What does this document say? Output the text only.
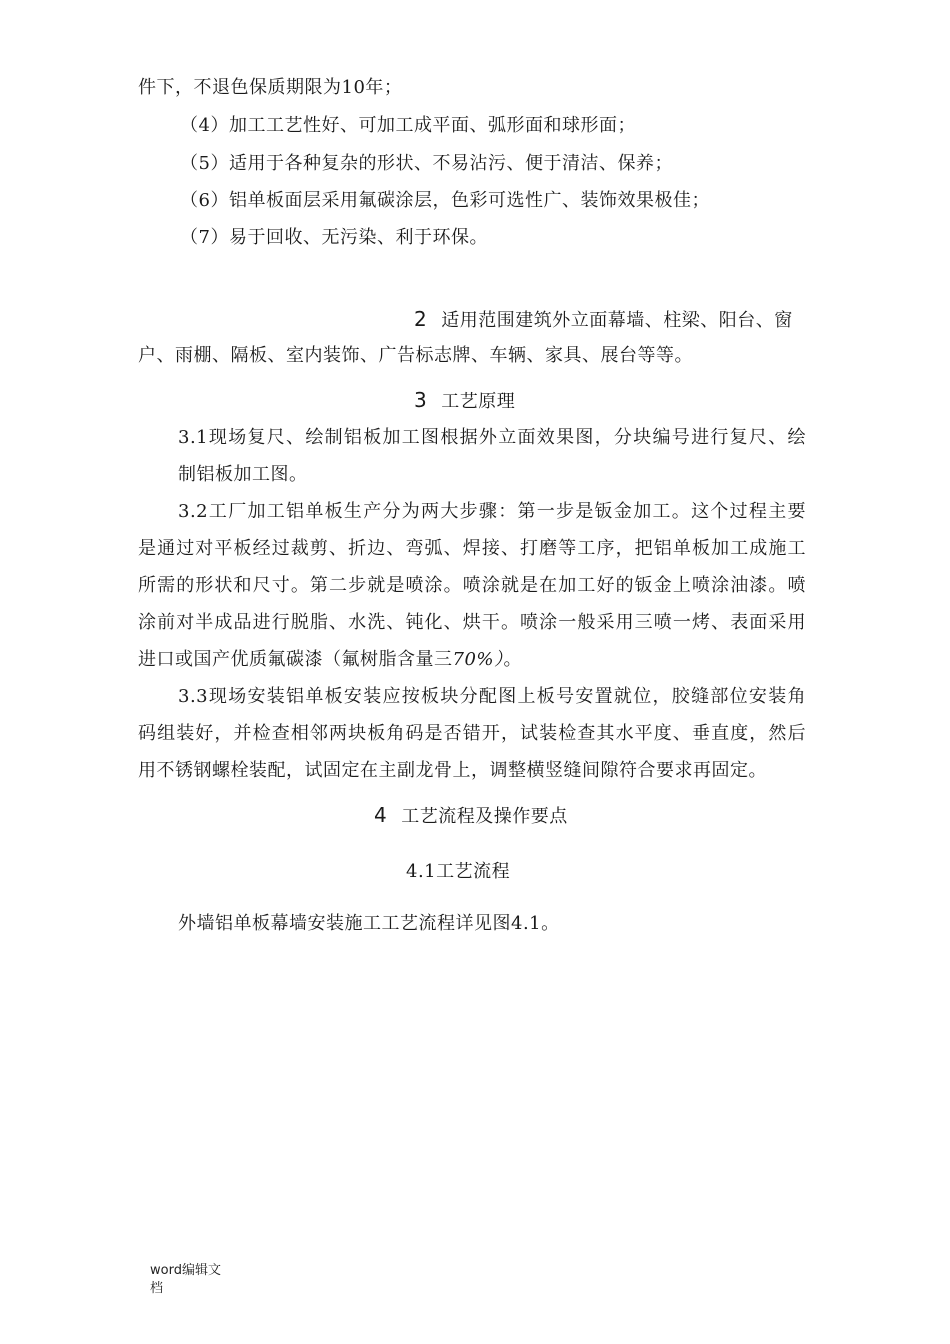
件下，不退色保质期限为10年；
（4）加工工艺性好、可加工成平面、弧形面和球形面；
（5）适用于各种复杂的形状、不易沾污、便于清洁、保养；
（6）铝单板面层采用氟碳涂层，色彩可选性广、装饰效果极佳；
（7）易于回收、无污染、利于环保。
2 适用范围建筑外立面幕墙、柱梁、阳台、窗
户、雨棚、隔板、室内装饰、广告标志牌、车辆、家具、展台等等。
3 工艺原理
3.1现场复尺、绘制铝板加工图根据外立面效果图，分块编号进行复尺、绘
制铝板加工图。
3.2工厂加工铝单板生产分为两大步骤：第一步是钣金加工。这个过程主要
是通过对平板经过裁剪、折边、弯弧、焊接、打磨等工序，把铝单板加工成施工
所需的形状和尺寸。第二步就是喷涂。喷涂就是在加工好的钣金上喷涂油漆。喷
涂前对半成品进行脱脂、水洗、钝化、烘干。喷涂一般采用三喷一烤、表面采用
进口或国产优质氟碳漆（氟树脂含量三70%）。
3.3现场安装铝单板安装应按板块分配图上板号安置就位，胶缝部位安装角
码组装好，并检查相邻两块板角码是否错开，试装检查其水平度、垂直度，然后
用不锈钢螺栓装配，试固定在主副龙骨上，调整横竖缝间隙符合要求再固定。
4 工艺流程及操作要点
4.1工艺流程
外墙铝单板幕墙安装施工工艺流程详见图4.1。
word编辑文
档
